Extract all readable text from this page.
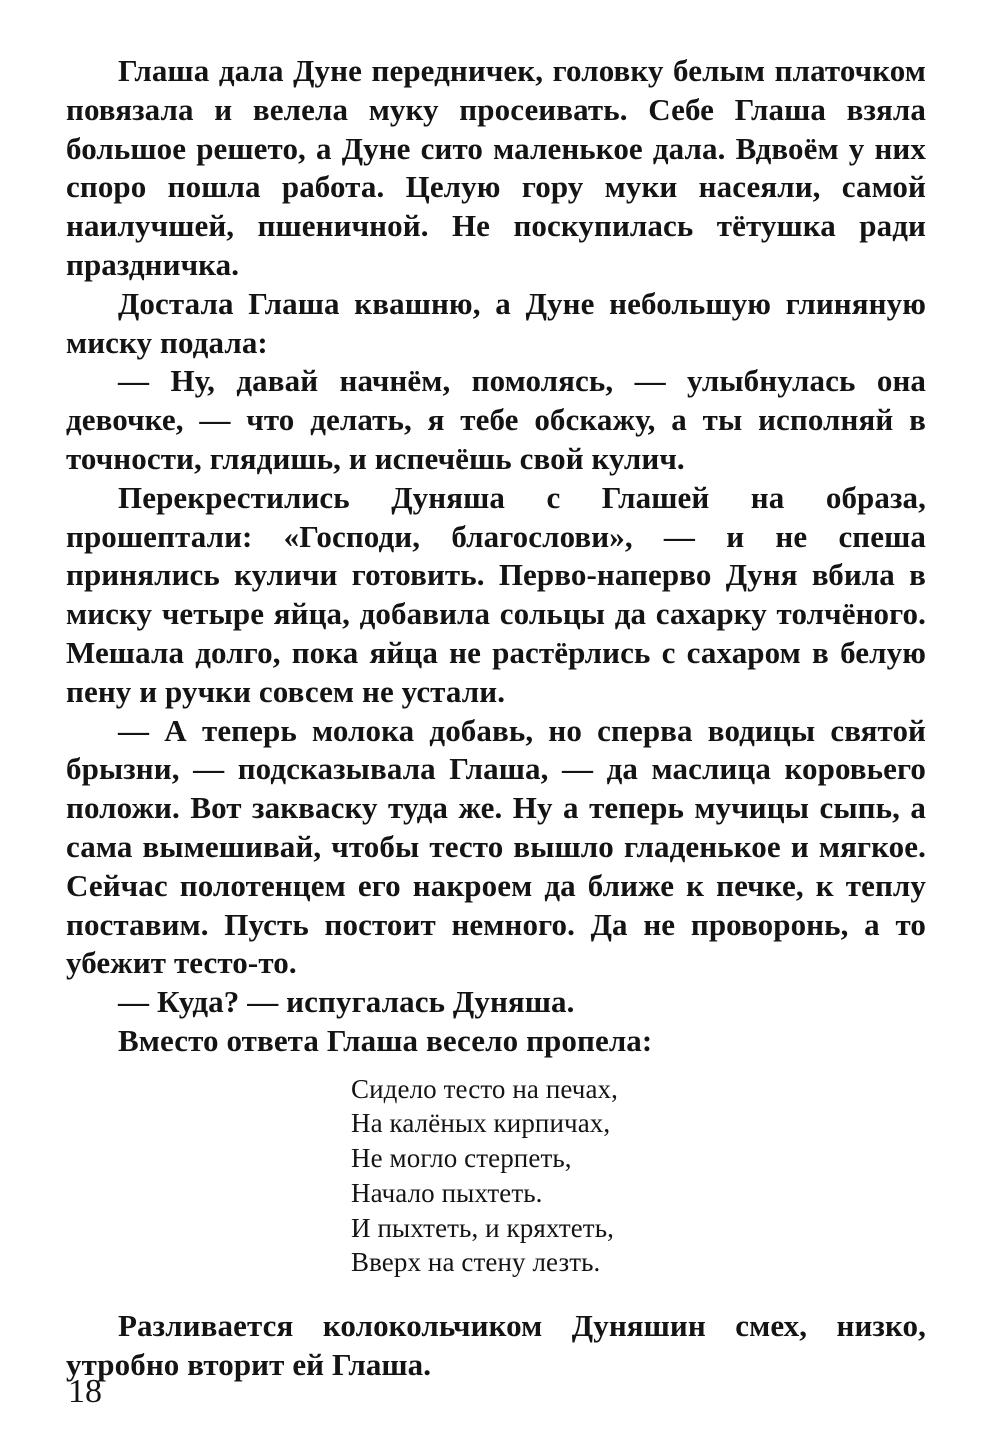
Глаша дала Дуне передничек, головку белым платочком повязала и велела муку просеивать. Себе Глаша взяла большое решето, а Дуне сито маленькое дала. Вдвоём у них споро пошла работа. Целую гору муки насеяли, самой наилучшей, пшеничной. Не поскупилась тётушка ради праздничка.

Достала Глаша квашню, а Дуне небольшую глиняную миску подала:

— Ну, давай начнём, помолясь, — улыбнулась она девочке, — что делать, я тебе обскажу, а ты исполняй в точности, глядишь, и испечёшь свой кулич.

Перекрестились Дуняша с Глашей на образа, прошептали: «Господи, благослови», — и не спеша принялись куличи готовить. Перво-наперво Дуня вбила в миску четыре яйца, добавила сольцы да сахарку толчёного. Мешала долго, пока яйца не растёрлись с сахаром в белую пену и ручки совсем не устали.

— А теперь молока добавь, но сперва водицы святой брызни, — подсказывала Глаша, — да маслица коровьего положи. Вот закваску туда же. Ну а теперь мучицы сыпь, а сама вымешивай, чтобы тесто вышло гладенькое и мягкое. Сейчас полотенцем его накроем да ближе к печке, к теплу поставим. Пусть постоит немного. Да не проворонь, а то убежит тесто-то.

— Куда? — испугалась Дуняша.

Вместо ответа Глаша весело пропела:

Сидело тесто на печах,
На калёных кирпичах,
Не могло стерпеть,
Начало пыхтеть.
И пыхтеть, и кряхтеть,
Вверх на стену лезть.

Разливается колокольчиком Дуняшин смех, низко, утробно вторит ей Глаша.

18
